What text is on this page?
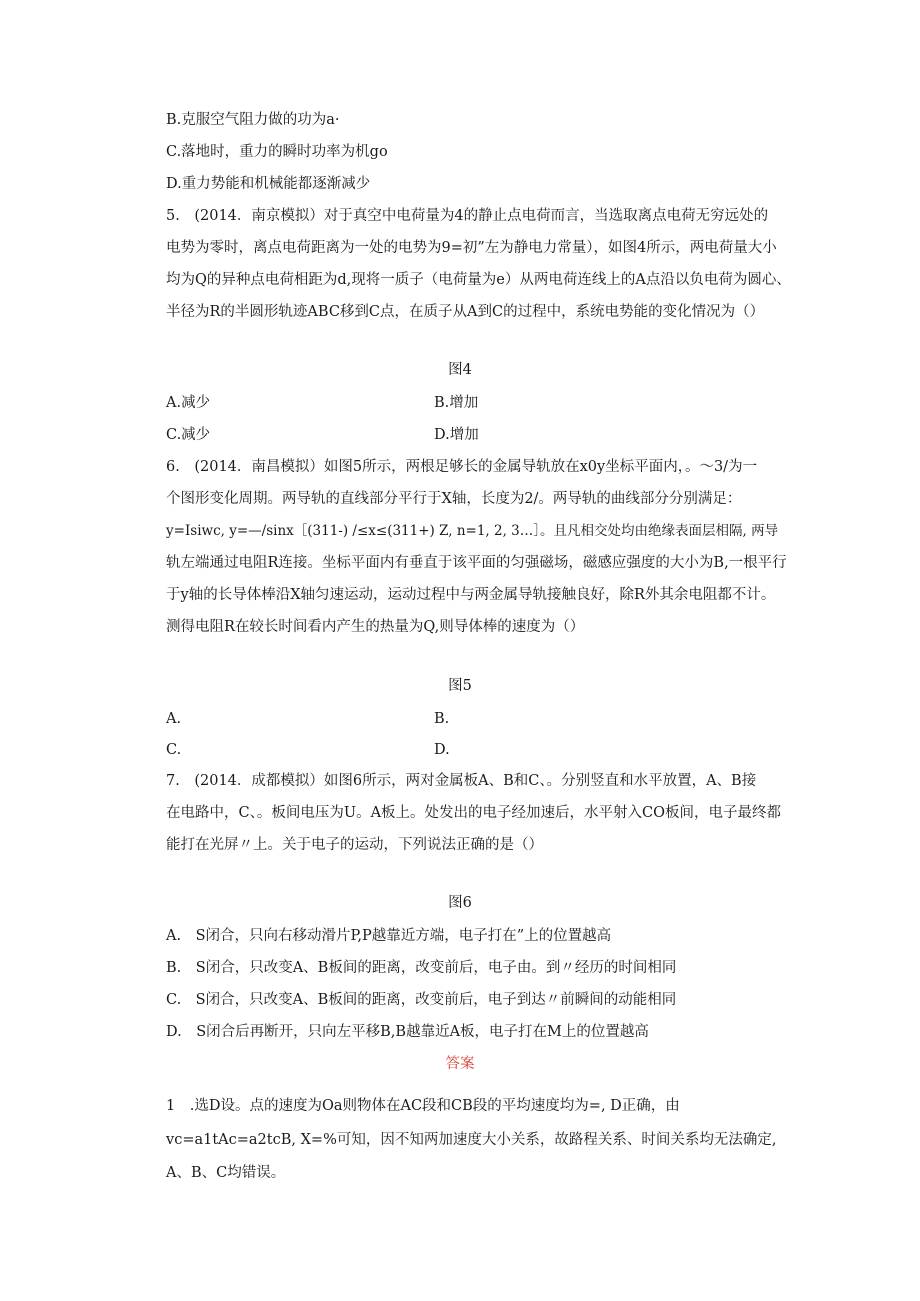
B.克服空气阻力做的功为a·
C.落地时，重力的瞬时功率为机go
D.重力势能和机械能都逐渐减少
5.　(2014．南京模拟）对于真空中电荷量为4的静止点电荷而言，当选取离点电荷无穷远处的
电势为零时，离点电荷距离为一处的电势为9=初”左为静电力常量），如图4所示，两电荷量大小
均为Q的异种点电荷相距为d,现将一质子（电荷量为e）从两电荷连线上的A点沿以负电荷为圆心、
半径为R的半圆形轨迹ABC移到C点，在质子从A到C的过程中，系统电势能的变化情况为（）
图4
A.减少	B.增加
C.减少	D.增加
6.　(2014．南昌模拟）如图5所示，两根足够长的金属导轨放在x0y坐标平面内，。～3/为一
个图形变化周期。两导轨的直线部分平行于X轴，长度为2/。两导轨的曲线部分分别满足：
y=Isiwc, y=—/sinx［(311-) /≤x≤(311+) Z, n=1, 2, 3…］。且凡相交处均由绝缘表面层相隔, 两导
轨左端通过电阻R连接。坐标平面内有垂直于该平面的匀强磁场，磁感应强度的大小为B,一根平行
于y轴的长导体棒沿X轴匀速运动，运动过程中与两金属导轨接触良好，除R外其余电阻都不计。
测得电阻R在较长时间看内产生的热量为Q,则导体棒的速度为（）
图5
A.	B.
C.	D.
7.　(2014．成都模拟）如图6所示，两对金属板A、B和C、。分别竖直和水平放置，A、B接
在电路中，C、。板间电压为U。A板上。处发出的电子经加速后，水平射入CO板间，电子最终都
能打在光屏〃上。关于电子的运动，下列说法正确的是（）
图6
A.　S闭合，只向右移动滑片P,P越靠近方端，电子打在”上的位置越高
B.　S闭合，只改变A、B板间的距离，改变前后，电子由。到〃经历的时间相同
C.　S闭合，只改变A、B板间的距离，改变前后，电子到达〃前瞬间的动能相同
D.　S闭合后再断开，只向左平移B,B越靠近A板，电子打在M上的位置越高
答案
1　.选D设。点的速度为Oa则物体在AC段和CB段的平均速度均为=, D正确，由
vc=a1tAc=a2tcB, X=%可知，因不知两加速度大小关系，故路程关系、时间关系均无法确定,
A、B、C均错误。
